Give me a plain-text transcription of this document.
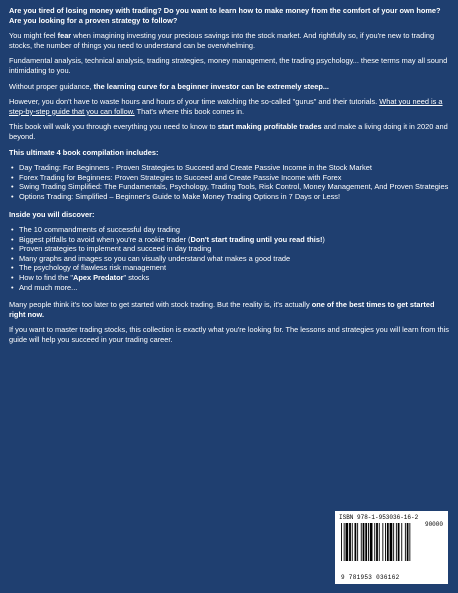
Are you tired of losing money with trading? Do you want to learn how to make money from the comfort of your own home? Are you looking for a proven strategy to follow?

You might feel fear when imagining investing your precious savings into the stock market. And rightfully so, if you're new to trading stocks, the number of things you need to understand can be overwhelming.

Fundamental analysis, technical analysis, trading strategies, money management, the trading psychology... these terms may all sound intimidating to you.

Without proper guidance, the learning curve for a beginner investor can be extremely steep...

However, you don't have to waste hours and hours of your time watching the so-called "gurus" and their tutorials. What you need is a step-by-step guide that you can follow. That's where this book comes in.

This book will walk you through everything you need to know to start making profitable trades and make a living doing it in 2020 and beyond.

This ultimate 4 book compilation includes:

• Day Trading: For Beginners - Proven Strategies to Succeed and Create Passive Income in the Stock Market
• Forex Trading for Beginners: Proven Strategies to Succeed and Create Passive Income with Forex
• Swing Trading Simplified: The Fundamentals, Psychology, Trading Tools, Risk Control, Money Management, And Proven Strategies
• Options Trading: Simplified – Beginner's Guide to Make Money Trading Options in 7 Days or Less!

Inside you will discover:

• The 10 commandments of successful day trading
• Biggest pitfalls to avoid when you're a rookie trader (Don't start trading until you read this!)
• Proven strategies to implement and succeed in day trading
• Many graphs and images so you can visually understand what makes a good trade
• The psychology of flawless risk management
• How to find the "Apex Predator" stocks
• And much more...

Many people think it's too later to get started with stock trading. But the reality is, it's actually one of the best times to get started right now.

If you want to master trading stocks, this collection is exactly what you're looking for. The lessons and strategies you will learn from this guide will help you succeed in your trading career.

ISBN 978-1-953036-16-2
90000
9 781953 036162
